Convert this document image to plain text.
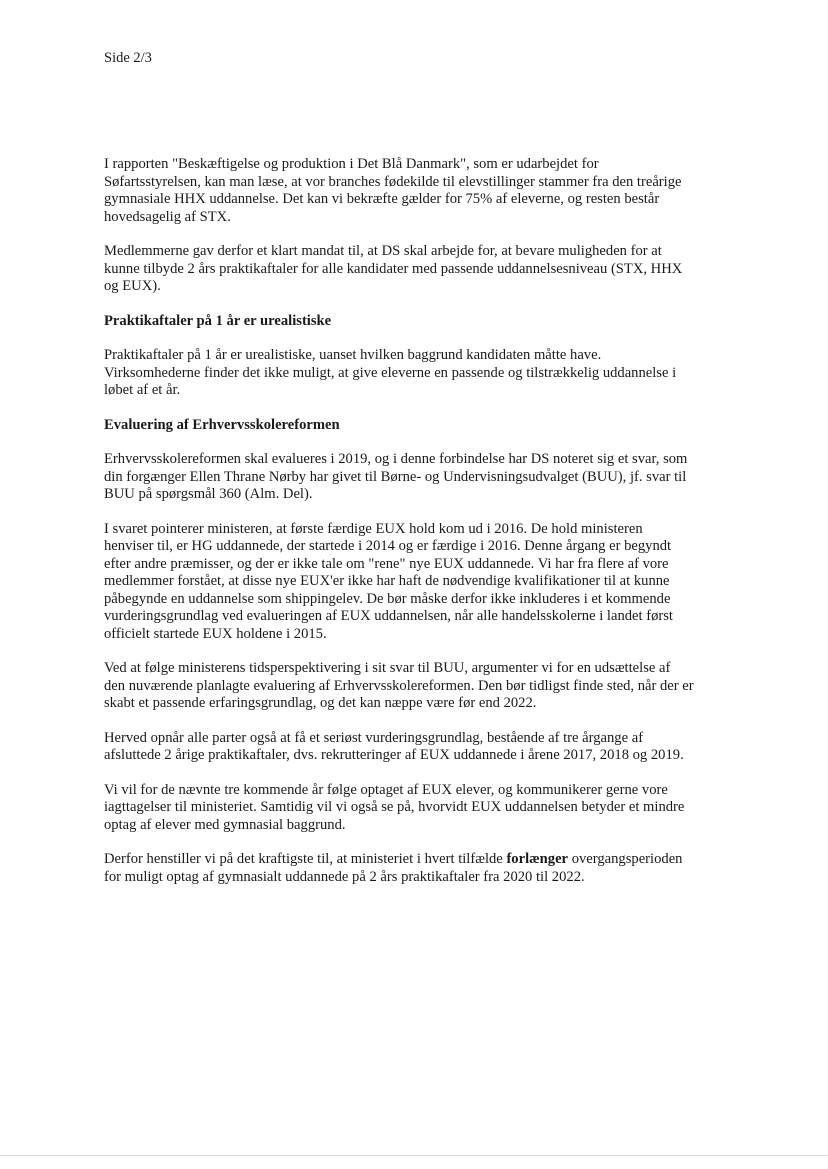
Side 2/3
I rapporten "Beskæftigelse og produktion i Det Blå Danmark", som er udarbejdet for
Søfartsstyrelsen, kan man læse, at vor branches fødekilde til elevstillinger stammer fra den treårige
gymnasiale HHX uddannelse. Det kan vi bekræfte gælder for 75% af eleverne, og resten består
hovedsagelig af STX.
Medlemmerne gav derfor et klart mandat til, at DS skal arbejde for, at bevare muligheden for at
kunne tilbyde 2 års praktikaftaler for alle kandidater med passende uddannelsesniveau (STX, HHX
og EUX).
Praktikaftaler på 1 år er urealistiske
Praktikaftaler på 1 år er urealistiske, uanset hvilken baggrund kandidaten måtte have.
Virksomhederne finder det ikke muligt, at give eleverne en passende og tilstrækkelig uddannelse i
løbet af et år.
Evaluering af Erhvervsskolereformen
Erhvervsskolereformen skal evalueres i 2019, og i denne forbindelse har DS noteret sig et svar, som
din forgænger Ellen Thrane Nørby har givet til Børne- og Undervisningsudvalget (BUU), jf. svar til
BUU på spørgsmål 360 (Alm. Del).
I svaret pointerer ministeren, at første færdige EUX hold kom ud i 2016. De hold ministeren
henviser til, er HG uddannede, der startede i 2014 og er færdige i 2016. Denne årgang er begyndt
efter andre præmisser, og der er ikke tale om "rene" nye EUX uddannede. Vi har fra flere af vore
medlemmer forstået, at disse nye EUX'er ikke har haft de nødvendige kvalifikationer til at kunne
påbegynde en uddannelse som shippingelev. De bør måske derfor ikke inkluderes i et kommende
vurderingsgrundlag ved evalueringen af EUX uddannelsen, når alle handelsskolerne i landet først
officielt startede EUX holdene i 2015.
Ved at følge ministerens tidsperspektivering i sit svar til BUU, argumenter vi for en udsættelse af
den nuværende planlagte evaluering af Erhvervsskolereformen. Den bør tidligst finde sted, når der er
skabt et passende erfaringsgrundlag, og det kan næppe være før end 2022.
Herved opnår alle parter også at få et seriøst vurderingsgrundlag, bestående af tre årgange af
afsluttede 2 årige praktikaftaler, dvs. rekrutteringer af EUX uddannede i årene 2017, 2018 og 2019.
Vi vil for de nævnte tre kommende år følge optaget af EUX elever, og kommunikerer gerne vore
iagttagelser til ministeriet. Samtidig vil vi også se på, hvorvidt EUX uddannelsen betyder et mindre
optag af elever med gymnasial baggrund.
Derfor henstiller vi på det kraftigste til, at ministeriet i hvert tilfælde forlænger overgangsperioden
for muligt optag af gymnasialt uddannede på 2 års praktikaftaler fra 2020 til 2022.
